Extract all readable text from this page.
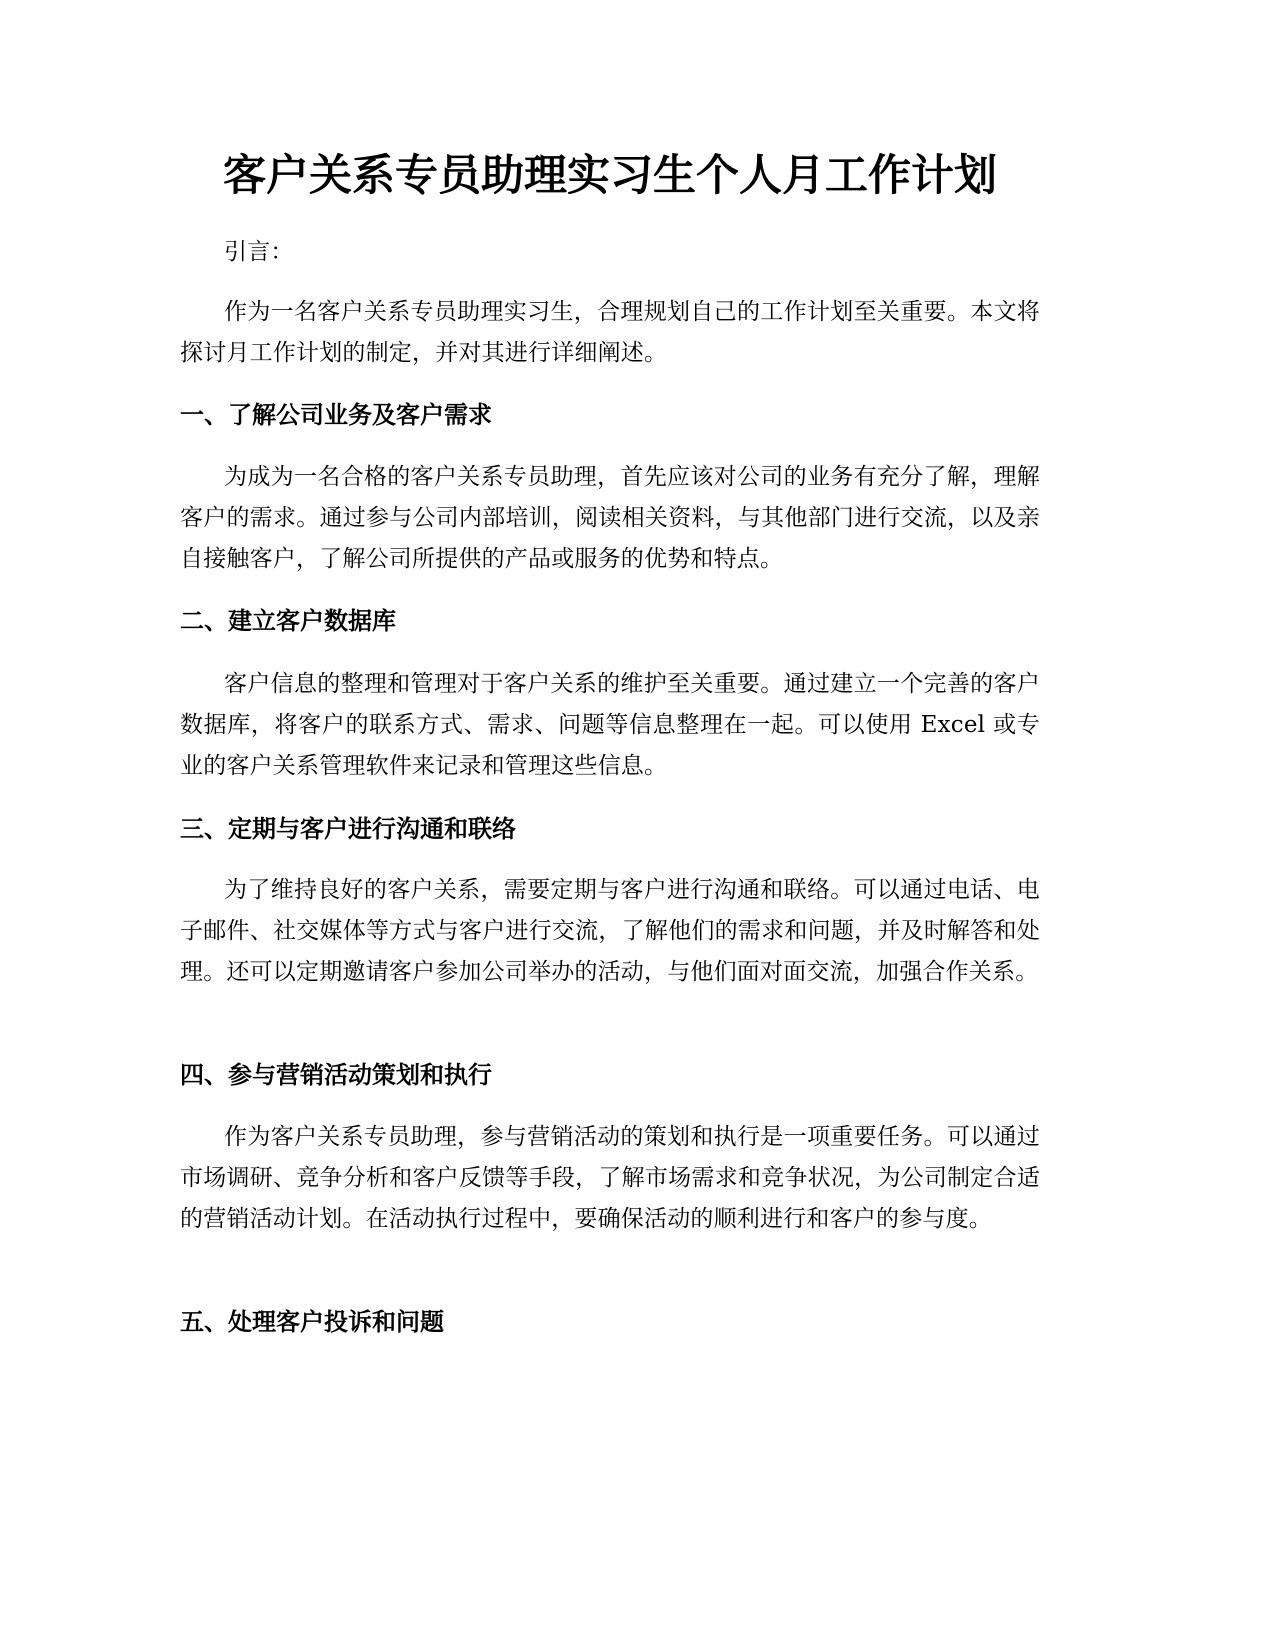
客户关系专员助理实习生个人月工作计划

引言：

作为一名客户关系专员助理实习生，合理规划自己的工作计划至关重要。本文将探讨月工作计划的制定，并对其进行详细阐述。

一、了解公司业务及客户需求

为成为一名合格的客户关系专员助理，首先应该对公司的业务有充分了解，理解客户的需求。通过参与公司内部培训，阅读相关资料，与其他部门进行交流，以及亲自接触客户，了解公司所提供的产品或服务的优势和特点。

二、建立客户数据库

客户信息的整理和管理对于客户关系的维护至关重要。通过建立一个完善的客户数据库，将客户的联系方式、需求、问题等信息整理在一起。可以使用 Excel 或专业的客户关系管理软件来记录和管理这些信息。

三、定期与客户进行沟通和联络

为了维持良好的客户关系，需要定期与客户进行沟通和联络。可以通过电话、电子邮件、社交媒体等方式与客户进行交流，了解他们的需求和问题，并及时解答和处理。还可以定期邀请客户参加公司举办的活动，与他们面对面交流，加强合作关系。

四、参与营销活动策划和执行

作为客户关系专员助理，参与营销活动的策划和执行是一项重要任务。可以通过市场调研、竞争分析和客户反馈等手段，了解市场需求和竞争状况，为公司制定合适的营销活动计划。在活动执行过程中，要确保活动的顺利进行和客户的参与度。

五、处理客户投诉和问题
